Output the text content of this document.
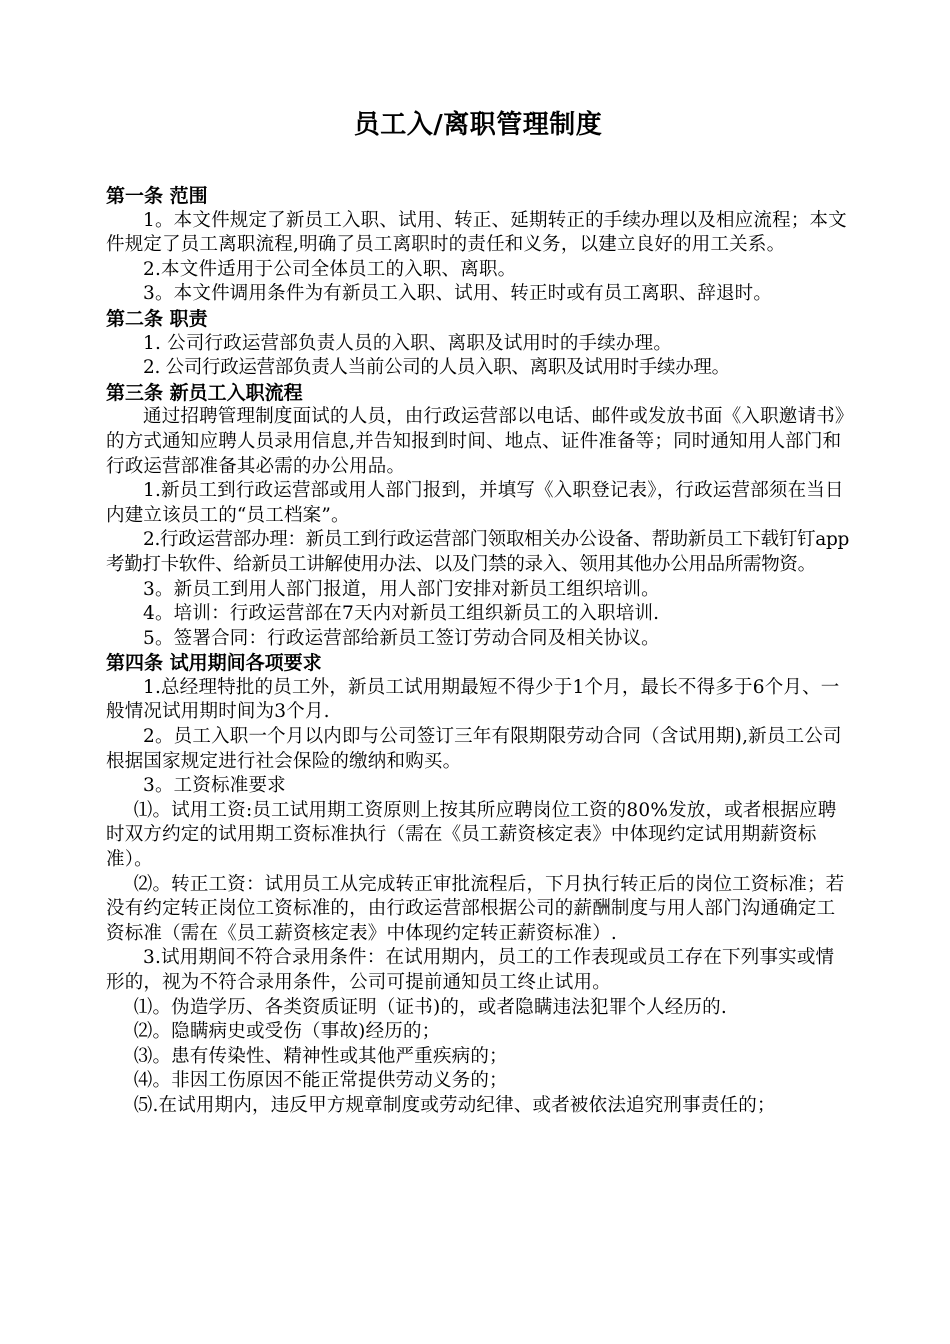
员工入/离职管理制度
第一条 范围

1。本文件规定了新员工入职、试用、转正、延期转正的手续办理以及相应流程；本文件规定了员工离职流程,明确了员工离职时的责任和义务，以建立良好的用工关系。

2.本文件适用于公司全体员工的入职、离职。

3。本文件调用条件为有新员工入职、试用、转正时或有员工离职、辞退时。

第二条 职责

1. 公司行政运营部负责人员的入职、离职及试用时的手续办理。

2. 公司行政运营部负责人当前公司的人员入职、离职及试用时手续办理。

第三条 新员工入职流程

通过招聘管理制度面试的人员，由行政运营部以电话、邮件或发放书面《入职邀请书》的方式通知应聘人员录用信息,并告知报到时间、地点、证件准备等；同时通知用人部门和行政运营部准备其必需的办公用品。

1.新员工到行政运营部或用人部门报到，并填写《入职登记表》，行政运营部须在当日内建立该员工的“员工档案”。

2.行政运营部办理：新员工到行政运营部门领取相关办公设备、帮助新员工下载钉钉app考勤打卡软件、给新员工讲解使用办法、以及门禁的录入、领用其他办公用品所需物资。

3。新员工到用人部门报道，用人部门安排对新员工组织培训。

4。培训：行政运营部在7天内对新员工组织新员工的入职培训.

5。签署合同：行政运营部给新员工签订劳动合同及相关协议。

第四条 试用期间各项要求

1.总经理特批的员工外，新员工试用期最短不得少于1个月，最长不得多于6个月、一般情况试用期时间为3个月.

2。员工入职一个月以内即与公司签订三年有限期限劳动合同（含试用期),新员工公司根据国家规定进行社会保险的缴纳和购买。

3。工资标准要求

⑴。试用工资:员工试用期工资原则上按其所应聘岗位工资的80%发放，或者根据应聘时双方约定的试用期工资标准执行（需在《员工薪资核定表》中体现约定试用期薪资标准）。

⑵。转正工资：试用员工从完成转正审批流程后，下月执行转正后的岗位工资标准；若没有约定转正岗位工资标准的，由行政运营部根据公司的薪酬制度与用人部门沟通确定工资标准（需在《员工薪资核定表》中体现约定转正薪资标准）.

3.试用期间不符合录用条件：在试用期内，员工的工作表现或员工存在下列事实或情形的，视为不符合录用条件，公司可提前通知员工终止试用。

⑴。伪造学历、各类资质证明（证书)的，或者隐瞒违法犯罪个人经历的.

⑵。隐瞒病史或受伤（事故)经历的；

⑶。患有传染性、精神性或其他严重疾病的；

⑷。非因工伤原因不能正常提供劳动义务的；

⑸.在试用期内，违反甲方规章制度或劳动纪律、或者被依法追究刑事责任的；
